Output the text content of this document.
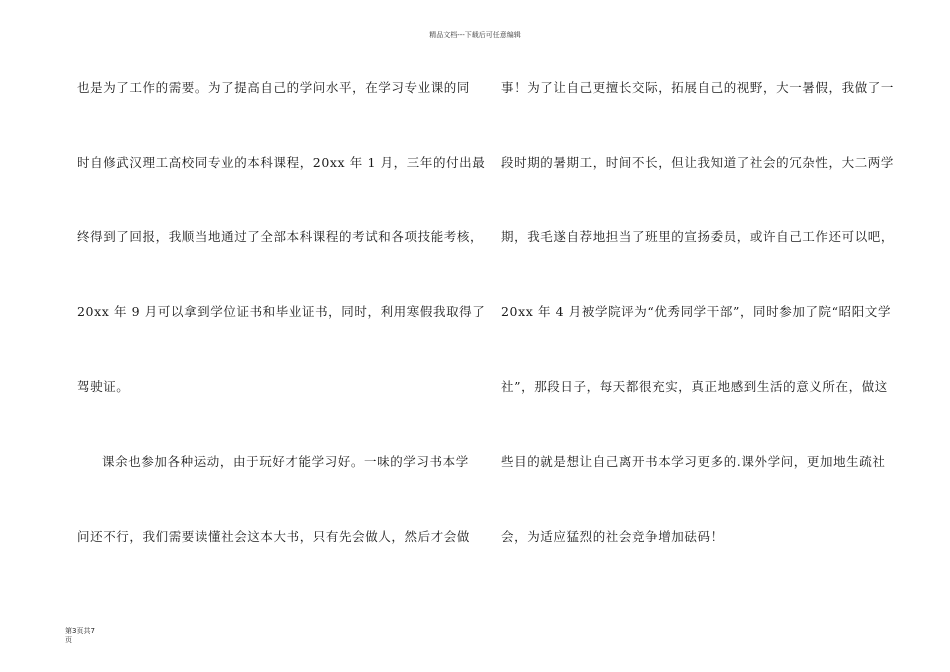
精品文档---下载后可任意编辑
也是为了工作的需要。为了提高自己的学问水平，在学习专业课的同
时自修武汉理工高校同专业的本科课程，20xx 年 1 月，三年的付出最
终得到了回报，我顺当地通过了全部本科课程的考试和各项技能考核，
20xx 年 9 月可以拿到学位证书和毕业证书，同时，利用寒假我取得了
驾驶证。
课余也参加各种运动，由于玩好才能学习好。一味的学习书本学
问还不行，我们需要读懂社会这本大书，只有先会做人，然后才会做
事！为了让自己更擅长交际，拓展自己的视野，大一暑假，我做了一
段时期的暑期工，时间不长，但让我知道了社会的冗杂性，大二两学
期，我毛遂自荐地担当了班里的宣扬委员，或许自己工作还可以吧，
20xx 年 4 月被学院评为“优秀同学干部”，同时参加了院“昭阳文学
社”，那段日子，每天都很充实，真正地感到生活的意义所在，做这
些目的就是想让自己离开书本学习更多的.课外学问，更加地生疏社
会，为适应猛烈的社会竞争增加砝码！
第3页共7
页
